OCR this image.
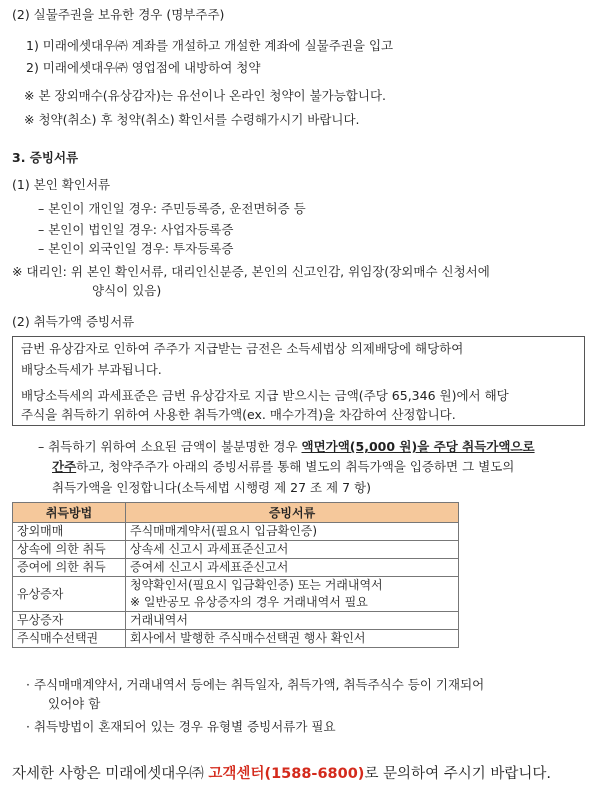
(2) 실물주권을 보유한 경우 (명부주주)
1) 미래에셋대우㈜ 계좌를 개설하고 개설한 계좌에 실물주권을 입고
2) 미래에셋대우㈜ 영업점에 내방하여 청약
※ 본 장외매수(유상감자)는 유선이나 온라인 청약이 불가능합니다.
※ 청약(취소) 후 청약(취소) 확인서를 수령해가시기 바랍니다.
3. 증빙서류
(1) 본인 확인서류
– 본인이 개인일 경우: 주민등록증, 운전면허증 등
– 본인이 법인일 경우: 사업자등록증
– 본인이 외국인일 경우: 투자등록증
※ 대리인: 위 본인 확인서류, 대리인신분증, 본인의 신고인감, 위임장(장외매수 신청서에
양식이 있음)
(2) 취득가액 증빙서류
금번 유상감자로 인하여 주주가 지급받는 금전은 소득세법상 의제배당에 해당하여
배당소득세가 부과됩니다.
배당소득세의 과세표준은 금번 유상감자로 지급 받으시는 금액(주당 65,346 원)에서 해당
주식을 취득하기 위하여 사용한 취득가액(ex. 매수가격)을 차감하여 산정합니다.
– 취득하기 위하여 소요된 금액이 불분명한 경우 액면가액(5,000 원)을 주당 취득가액으로
간주하고, 청약주주가 아래의 증빙서류를 통해 별도의 취득가액을 입증하면 그 별도의
취득가액을 인정합니다(소득세법 시행령 제 27 조 제 7 항)
취득방법	증빙서류
장외매매	주식매매계약서(필요시 입금확인증)
상속에 의한 취득	상속세 신고시 과세표준신고서
증여에 의한 취득	증여세 신고시 과세표준신고서
유상증자	청약확인서(필요시 입금확인증) 또는 거래내역서
※ 일반공모 유상증자의 경우 거래내역서 필요

무상증자	거래내역서
주식매수선택권	회사에서 발행한 주식매수선택권 행사 확인서
· 주식매매계약서, 거래내역서 등에는 취득일자, 취득가액, 취득주식수 등이 기재되어
있어야 함
· 취득방법이 혼재되어 있는 경우 유형별 증빙서류가 필요
자세한 사항은 미래에셋대우㈜ 고객센터(1588-6800)로 문의하여 주시기 바랍니다.
